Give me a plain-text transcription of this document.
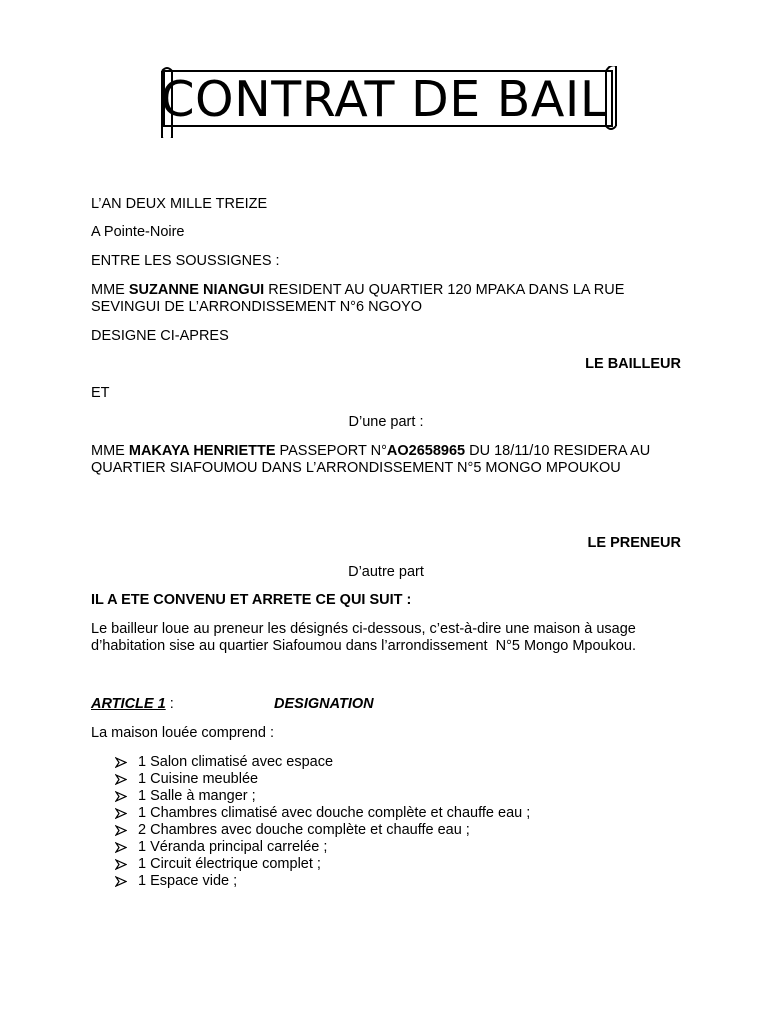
CONTRAT DE BAIL

L’AN DEUX MILLE TREIZE

A Pointe-Noire

ENTRE LES SOUSSIGNES :

MME SUZANNE NIANGUI RESIDENT AU QUARTIER 120 MPAKA DANS LA RUE SEVINGUI DE L’ARRONDISSEMENT N°6 NGOYO

DESIGNE CI-APRES

LE BAILLEUR

ET

D’une part :

MME MAKAYA HENRIETTE PASSEPORT N°AO2658965 DU 18/11/10 RESIDERA AU QUARTIER SIAFOUMOU DANS L’ARRONDISSEMENT N°5 MONGO MPOUKOU

LE PRENEUR

D’autre part

IL A ETE CONVENU ET ARRETE CE QUI SUIT :

Le bailleur loue au preneur les désignés ci-dessous, c’est-à-dire une maison à usage d’habitation sise au quartier Siafoumou dans l’arrondissement  N°5 Mongo Mpoukou.

ARTICLE 1 :	DESIGNATION

La maison louée comprend :

1 Salon climatisé avec espace
1 Cuisine meublée
1 Salle à manger ;
1 Chambres climatisé avec douche complète et chauffe eau ;
2 Chambres avec douche complète et chauffe eau ;
1 Véranda principal carrelée ;
1 Circuit électrique complet ;
1 Espace vide ;
